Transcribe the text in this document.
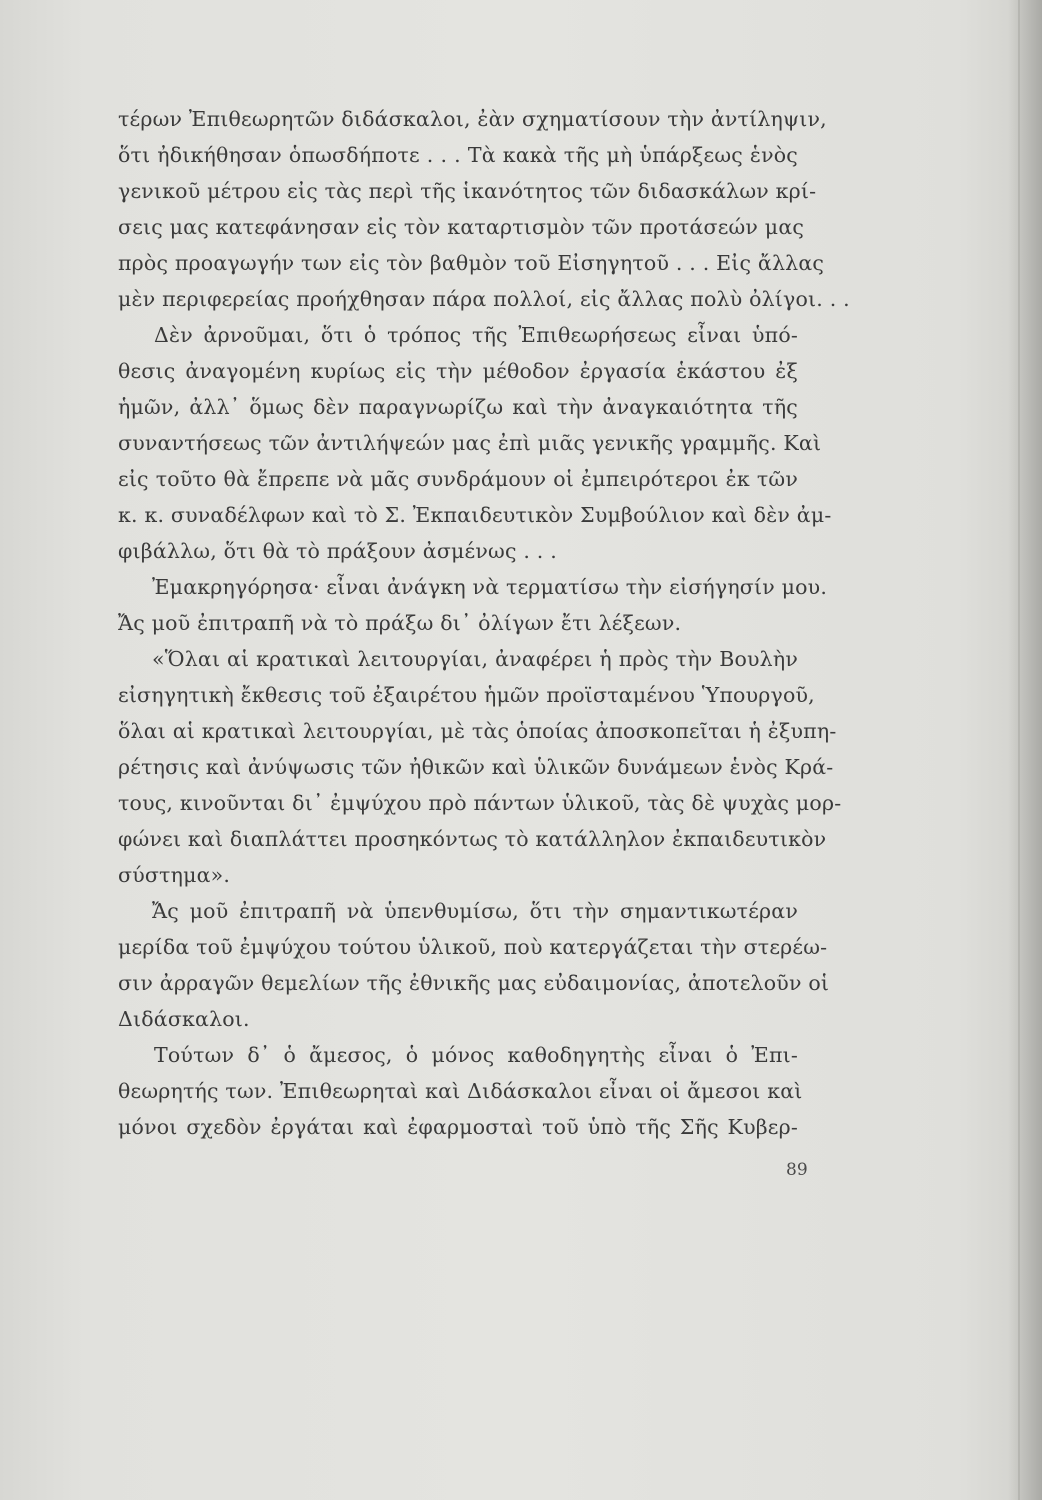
τέρων Ἐπιθεωρητῶν διδάσκαλοι, ἐὰν σχηματίσουν τὴν ἀντίληψιν,
ὅτι ἠδικήθησαν ὁπωσδήποτε . . . Τὰ κακὰ τῆς μὴ ὑπάρξεως ἑνὸς
γενικοῦ μέτρου εἰς τὰς περὶ τῆς ἱκανότητος τῶν διδασκάλων κρί-
σεις μας κατεφάνησαν εἰς τὸν καταρτισμὸν τῶν προτάσεών μας
πρὸς προαγωγήν των εἰς τὸν βαθμὸν τοῦ Εἰσηγητοῦ . . . Εἰς ἄλλας
μὲν περιφερείας προήχθησαν πάρα πολλοί, εἰς ἄλλας πολὺ ὀλίγοι. . .
Δὲν ἀρνοῦμαι, ὅτι ὁ τρόπος τῆς Ἐπιθεωρήσεως εἶναι ὑπό-
θεσις ἀναγομένη κυρίως εἰς τὴν μέθοδον ἐργασία ἑκάστου ἐξ
ἡμῶν, ἀλλ᾽ ὅμως δὲν παραγνωρίζω καὶ τὴν ἀναγκαιότητα τῆς
συναντήσεως τῶν ἀντιλήψεών μας ἐπὶ μιᾶς γενικῆς γραμμῆς. Καὶ
εἰς τοῦτο θὰ ἔπρεπε νὰ μᾶς συνδράμουν οἱ ἐμπειρότεροι ἐκ τῶν
κ. κ. συναδέλφων καὶ τὸ Σ. Ἐκπαιδευτικὸν Συμβούλιον καὶ δὲν ἀμ-
φιβάλλω, ὅτι θὰ τὸ πράξουν ἀσμένως . . .
Ἐμακρηγόρησα· εἶναι ἀνάγκη νὰ τερματίσω τὴν εἰσήγησίν μου.
Ἄς μοῦ ἐπιτραπῆ νὰ τὸ πράξω δι᾽ ὀλίγων ἔτι λέξεων.
«Ὅλαι αἱ κρατικαὶ λειτουργίαι, ἀναφέρει ἡ πρὸς τὴν Βουλὴν
εἰσηγητικὴ ἔκθεσις τοῦ ἐξαιρέτου ἡμῶν προϊσταμένου Ὑπουργοῦ,
ὅλαι αἱ κρατικαὶ λειτουργίαι, μὲ τὰς ὁποίας ἀποσκοπεῖται ἡ ἐξυπη-
ρέτησις καὶ ἀνύψωσις τῶν ἠθικῶν καὶ ὑλικῶν δυνάμεων ἑνὸς Κρά-
τους, κινοῦνται δι᾽ ἐμψύχου πρὸ πάντων ὑλικοῦ, τὰς δὲ ψυχὰς μορ-
φώνει καὶ διαπλάττει προσηκόντως τὸ κατάλληλον ἐκπαιδευτικὸν
σύστημα».
Ἄς μοῦ ἐπιτραπῆ νὰ ὑπενθυμίσω, ὅτι τὴν σημαντικωτέραν
μερίδα τοῦ ἐμψύχου τούτου ὑλικοῦ, ποὺ κατεργάζεται τὴν στερέω-
σιν ἀρραγῶν θεμελίων τῆς ἐθνικῆς μας εὐδαιμονίας, ἀποτελοῦν οἱ
Διδάσκαλοι.
Τούτων δ᾽ ὁ ἄμεσος, ὁ μόνος καθοδηγητὴς εἶναι ὁ Ἐπι-
θεωρητής των. Ἐπιθεωρηταὶ καὶ Διδάσκαλοι εἶναι οἱ ἄμεσοι καὶ
μόνοι σχεδὸν ἐργάται καὶ ἐφαρμοσταὶ τοῦ ὑπὸ τῆς Σῆς Κυβερ-
89
